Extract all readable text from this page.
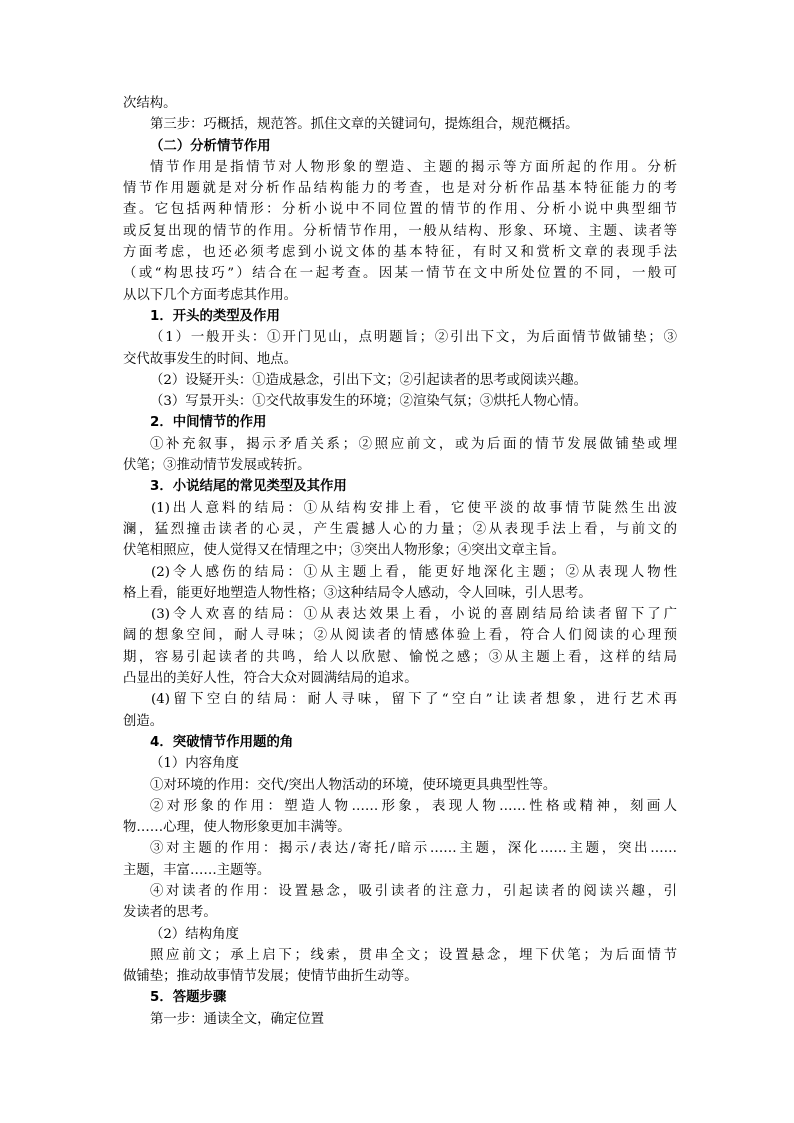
次结构。
第三步：巧概括，规范答。抓住文章的关键词句，提炼组合，规范概括。
（二）分析情节作用
情节作用是指情节对人物形象的塑造、主题的揭示等方面所起的作用。分析
情节作用题就是对分析作品结构能力的考查，也是对分析作品基本特征能力的考
查。它包括两种情形：分析小说中不同位置的情节的作用、分析小说中典型细节
或反复出现的情节的作用。分析情节作用，一般从结构、形象、环境、主题、读者等
方面考虑，也还必须考虑到小说文体的基本特征，有时又和赏析文章的表现手法
（或“构思技巧”）结合在一起考查。因某一情节在文中所处位置的不同，一般可
从以下几个方面考虑其作用。
1．开头的类型及作用
（1）一般开头：①开门见山，点明题旨；②引出下文，为后面情节做铺垫；③
交代故事发生的时间、地点。
（2）设疑开头：①造成悬念，引出下文；②引起读者的思考或阅读兴趣。
（3）写景开头：①交代故事发生的环境；②渲染气氛；③烘托人物心情。
2．中间情节的作用
①补充叙事，揭示矛盾关系；②照应前文，或为后面的情节发展做铺垫或埋
伏笔；③推动情节发展或转折。
3．小说结尾的常见类型及其作用
(1)出人意料的结局：①从结构安排上看，它使平淡的故事情节陡然生出波
澜，猛烈撞击读者的心灵，产生震撼人心的力量；②从表现手法上看，与前文的
伏笔相照应，使人觉得又在情理之中；③突出人物形象；④突出文章主旨。
(2)令人感伤的结局：①从主题上看，能更好地深化主题；②从表现人物性
格上看，能更好地塑造人物性格；③这种结局令人感动，令人回味，引人思考。
(3)令人欢喜的结局：①从表达效果上看，小说的喜剧结局给读者留下了广
阔的想象空间，耐人寻味；②从阅读者的情感体验上看，符合人们阅读的心理预
期，容易引起读者的共鸣，给人以欣慰、愉悦之感；③从主题上看，这样的结局
凸显出的美好人性，符合大众对圆满结局的追求。
(4)留下空白的结局：耐人寻味，留下了“空白”让读者想象，进行艺术再
创造。
4．突破情节作用题的角
（1）内容角度
①对环境的作用：交代/突出人物活动的环境，使环境更具典型性等。
②对形象的作用：塑造人物……形象，表现人物……性格或精神，刻画人
物……心理，使人物形象更加丰满等。
③对主题的作用：揭示/表达/寄托/暗示……主题，深化……主题，突出……
主题，丰富……主题等。
④对读者的作用：设置悬念，吸引读者的注意力，引起读者的阅读兴趣，引
发读者的思考。
（2）结构角度
照应前文；承上启下；线索，贯串全文；设置悬念，埋下伏笔；为后面情节
做铺垫；推动故事情节发展；使情节曲折生动等。
5．答题步骤
第一步：通读全文，确定位置
